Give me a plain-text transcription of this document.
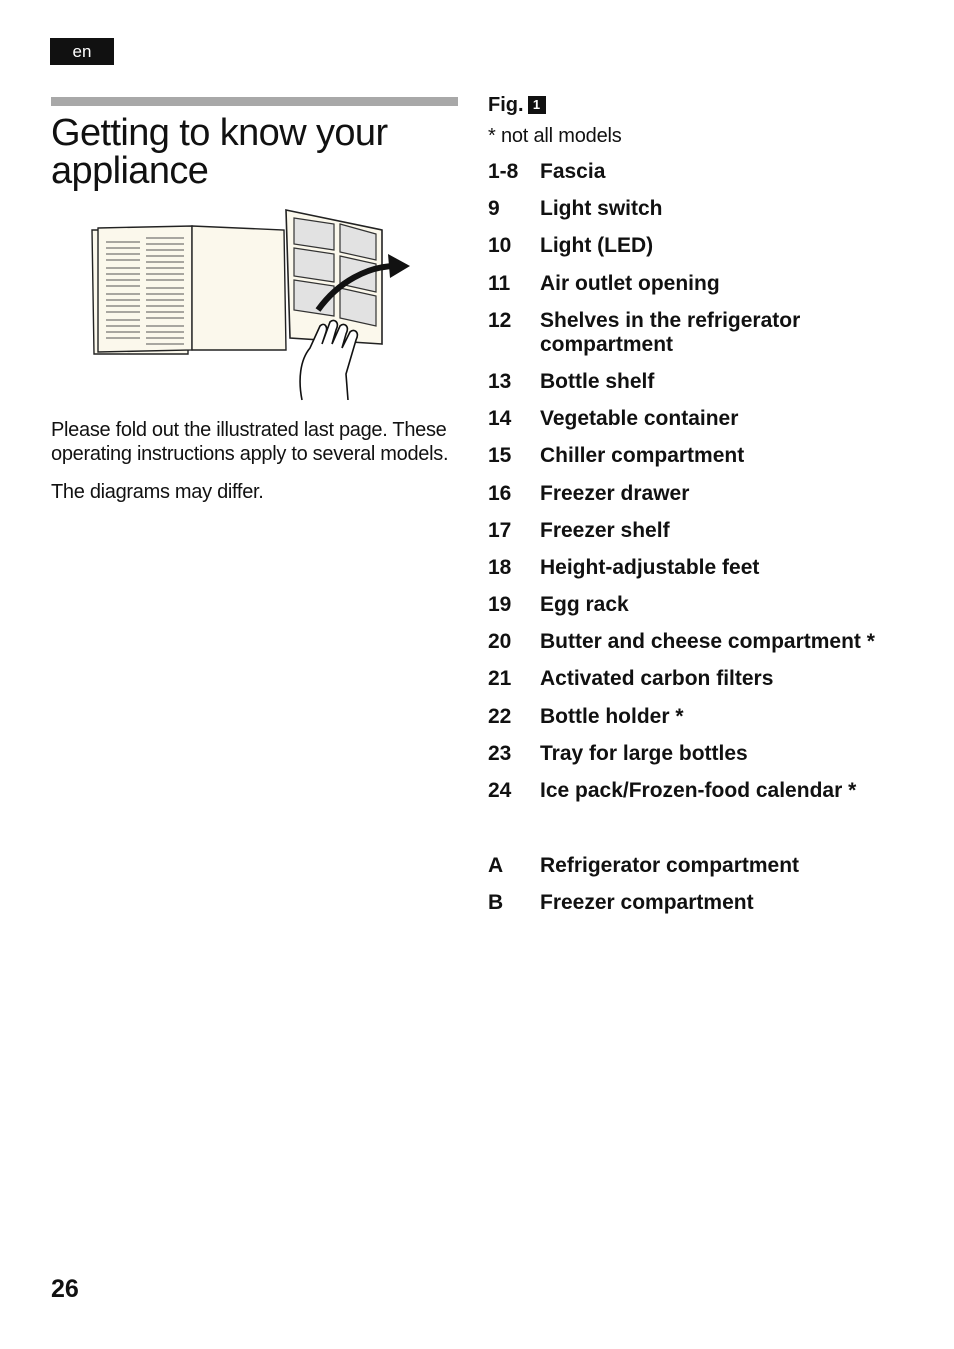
en
Getting to know your appliance

Please fold out the illustrated last page. These operating instructions apply to several models.

The diagrams may differ.

Fig. 1
* not all models
1-8	Fascia
9	Light switch
10	Light (LED)
11	Air outlet opening
12	Shelves in the refrigerator compartment
13	Bottle shelf
14	Vegetable container
15	Chiller compartment
16	Freezer drawer
17	Freezer shelf
18	Height-adjustable feet
19	Egg rack
20	Butter and cheese compartment *
21	Activated carbon filters
22	Bottle holder *
23	Tray for large bottles
24	Ice pack/Frozen-food calendar *
A	Refrigerator compartment
B	Freezer compartment
26
